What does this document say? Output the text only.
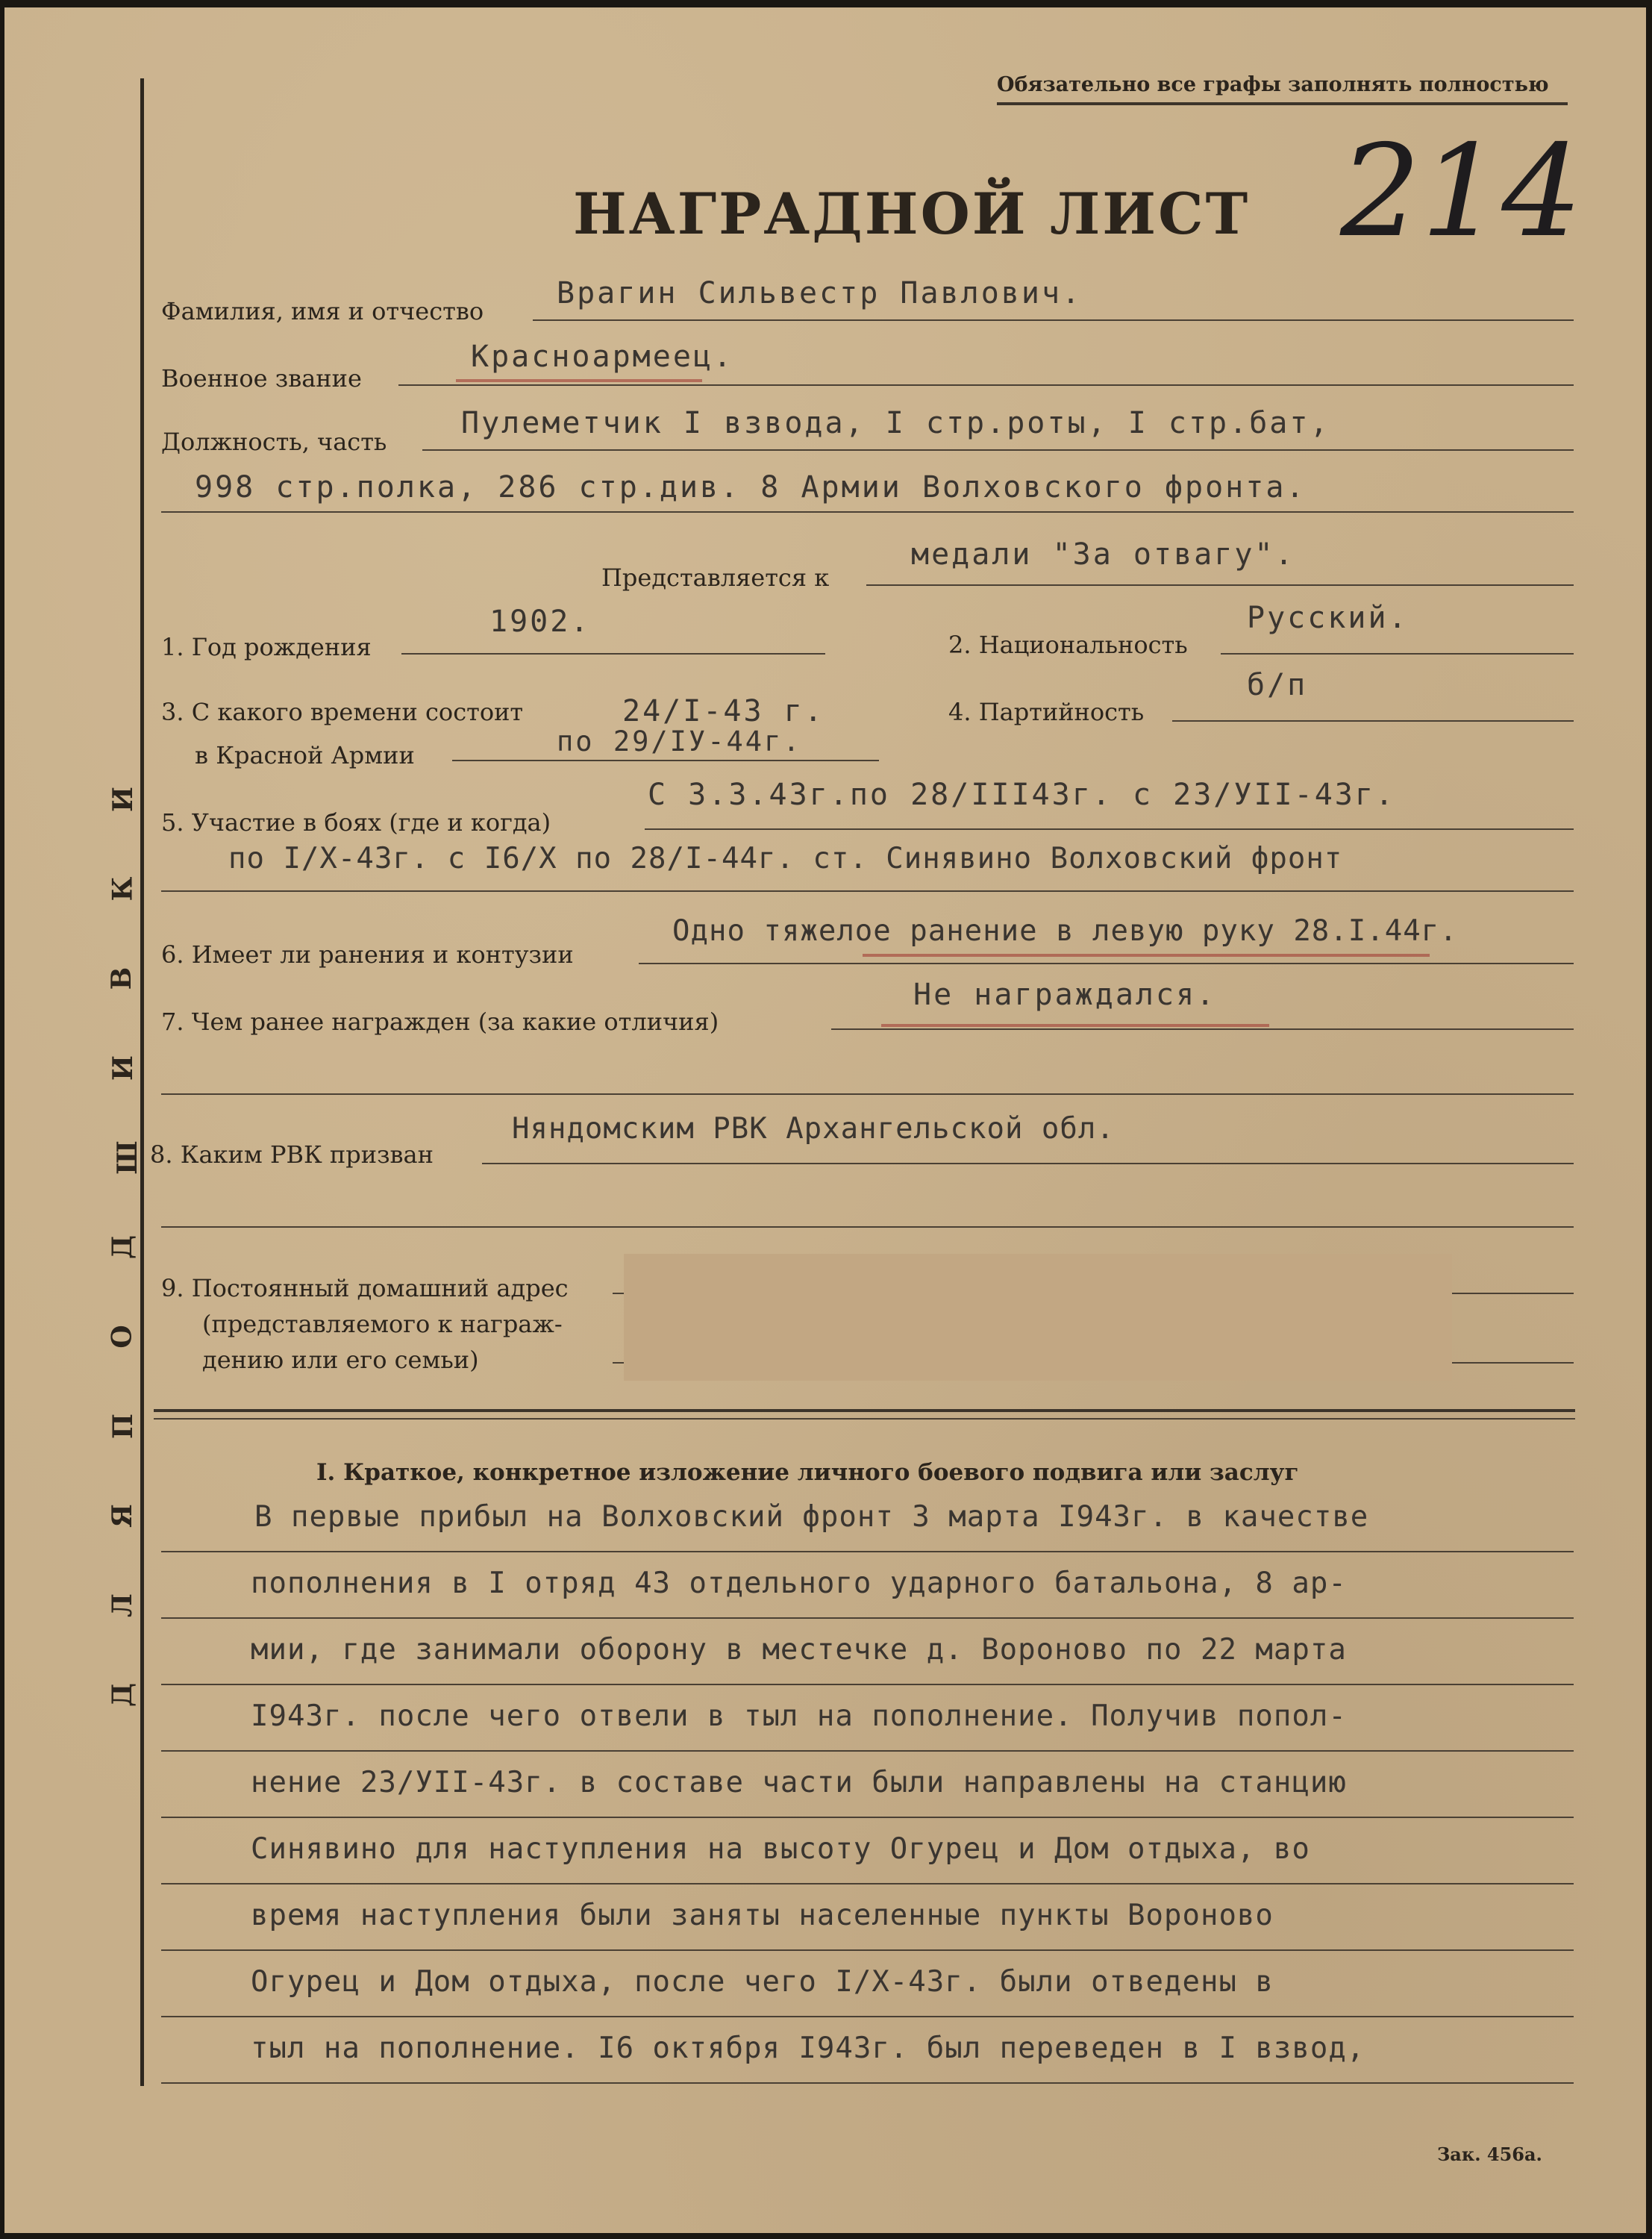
Д
Л
Я
П
О
Д
Ш
И
В
К
И
Обязательно все графы заполнять полностью
НАГРАДНОЙ ЛИСТ 214
Фамилия, имя и отчество
Врагин Сильвестр Павлович.
Военное звание
Красноармеец.
Должность, часть
Пулеметчик I взвода, I стр.роты, I стр.бат,
998 стр.полка, 286 стр.див. 8 Армии Волховского фронта.
Представляется к
медали "За отвагу".
1. Год рождения
1902.
2. Национальность
Русский.
3. С какого времени состоит
в Красной Армии
24/I-43 г.
по 29/IУ-44г.
4. Партийность
б/п
5. Участие в боях (где и когда)
С 3.3.43г.по 28/III43г. с 23/УII-43г.
по I/Х-43г. с I6/Х по 28/I-44г. ст. Синявино Волховский фронт
6. Имеет ли ранения и контузии
Одно тяжелое ранение в левую руку 28.I.44г.
7. Чем ранее награжден (за какие отличия)
Не награждался.
8. Каким РВК призван
Няндомским РВК Архангельской обл.
9. Постоянный домашний адрес
(представляемого к награж-
дению или его семьи)
I. Краткое, конкретное изложение личного боевого подвига или заслуг
В первые прибыл на Волховский фронт 3 марта I943г. в качестве
пополнения в I отряд 43 отдельного ударного батальона, 8 ар-
мии, где занимали оборону в местечке д. Вороново по 22 марта
I943г. после чего отвели в тыл на пополнение. Получив попол-
нение 23/УII-43г. в составе части были направлены на станцию
Синявино для наступления на высоту Огурец и Дом отдыха, во
время наступления были заняты населенные пункты Вороново
Огурец и Дом отдыха, после чего I/Х-43г. были отведены в
тыл на пополнение. I6 октября I943г. был переведен в I взвод,
Зак. 456а.
